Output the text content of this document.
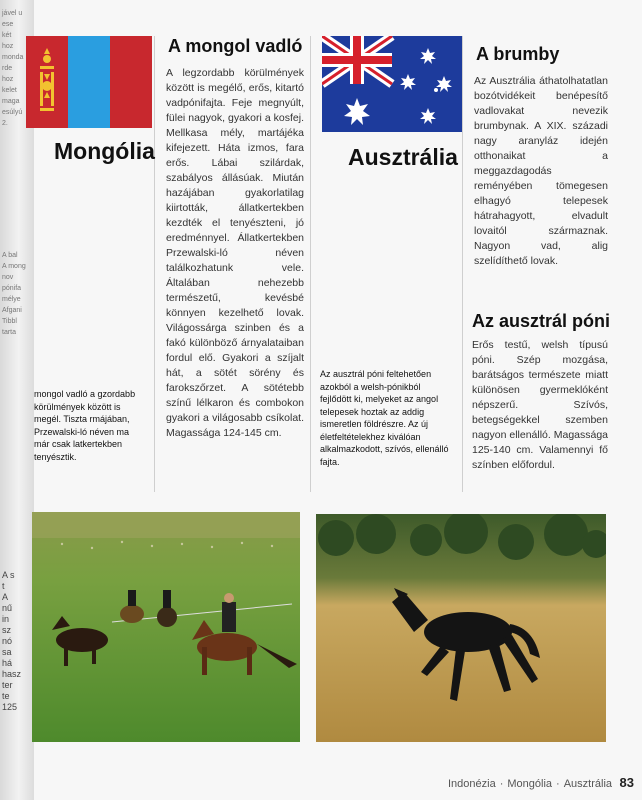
jável u
ese
két
hoz
monda
rde
hoz
kelet
maga
esúlyú
2.
A bal
A mong
nov
pónifa
mélye
Afgani
Tibbl
tarta
A s
t
A
nű
in
sz
nó
sa
há
hasz
ter
te
125
Mongólia	Ausztrália
A mongol vadló	A brumby
Az ausztrál póni
A legzordabb körülmények között is megélő, erős, kitartó vadpónifajta. Feje megnyúlt, fülei nagyok, gyakori a kosfej. Mellkasa mély, martájéka kifejezett. Háta izmos, fara erős. Lábai szilárdak, szabályos állásúak. Miután hazájában gyakorlatilag kiirtották, állatkertekben kezdték el tenyészteni, jó eredménnyel. Állatkertekben Przewalski-ló néven találkozhatunk vele. Általában nehezebb természetű, kevésbé könnyen kezelhető lovak. Világossárga szinben és a fakó különböző árnyalataiban fordul elő. Gyakori a szíjalt hát, a sötét sörény és farokszőrzet. A sötétebb színű lélkaron és combokon gyakori a világosabb csíkolat. Magassága 124-145 cm.
Az Ausztrália áthatolhatatlan bozótvidékeit benépesítő vadlovakat nevezik brumbynak. A XIX. századi nagy aranyláz idején otthonaikat a meggazdagodás reményében tömegesen elhagyó telepesek hátrahagyott, elvadult lovaitól származnak. Nagyon vad, alig szelídíthető lovak.
Erős testű, welsh típusú póni. Szép mozgása, barátságos természete miatt különösen gyermeklóként népszerű. Szívós, betegségekkel szemben nagyon ellenálló. Magassága 125-140 cm. Valamennyi fő színben előfordul.
mongol vadló a gzordabb körülmények között is megél. Tiszta rmájában, Przewalski-ló néven ma már csak latkertekben tenyésztik.
Az ausztrál póni feltehetően azokból a welsh-pónikból fejlődött ki, melyeket az angol telepesek hoztak az addig ismeretlen földrészre. Az új életfeltételekhez kiválóan alkalmazkodott, szívós, ellenálló fajta.
Indonézia · Mongólia · Ausztrália 83
